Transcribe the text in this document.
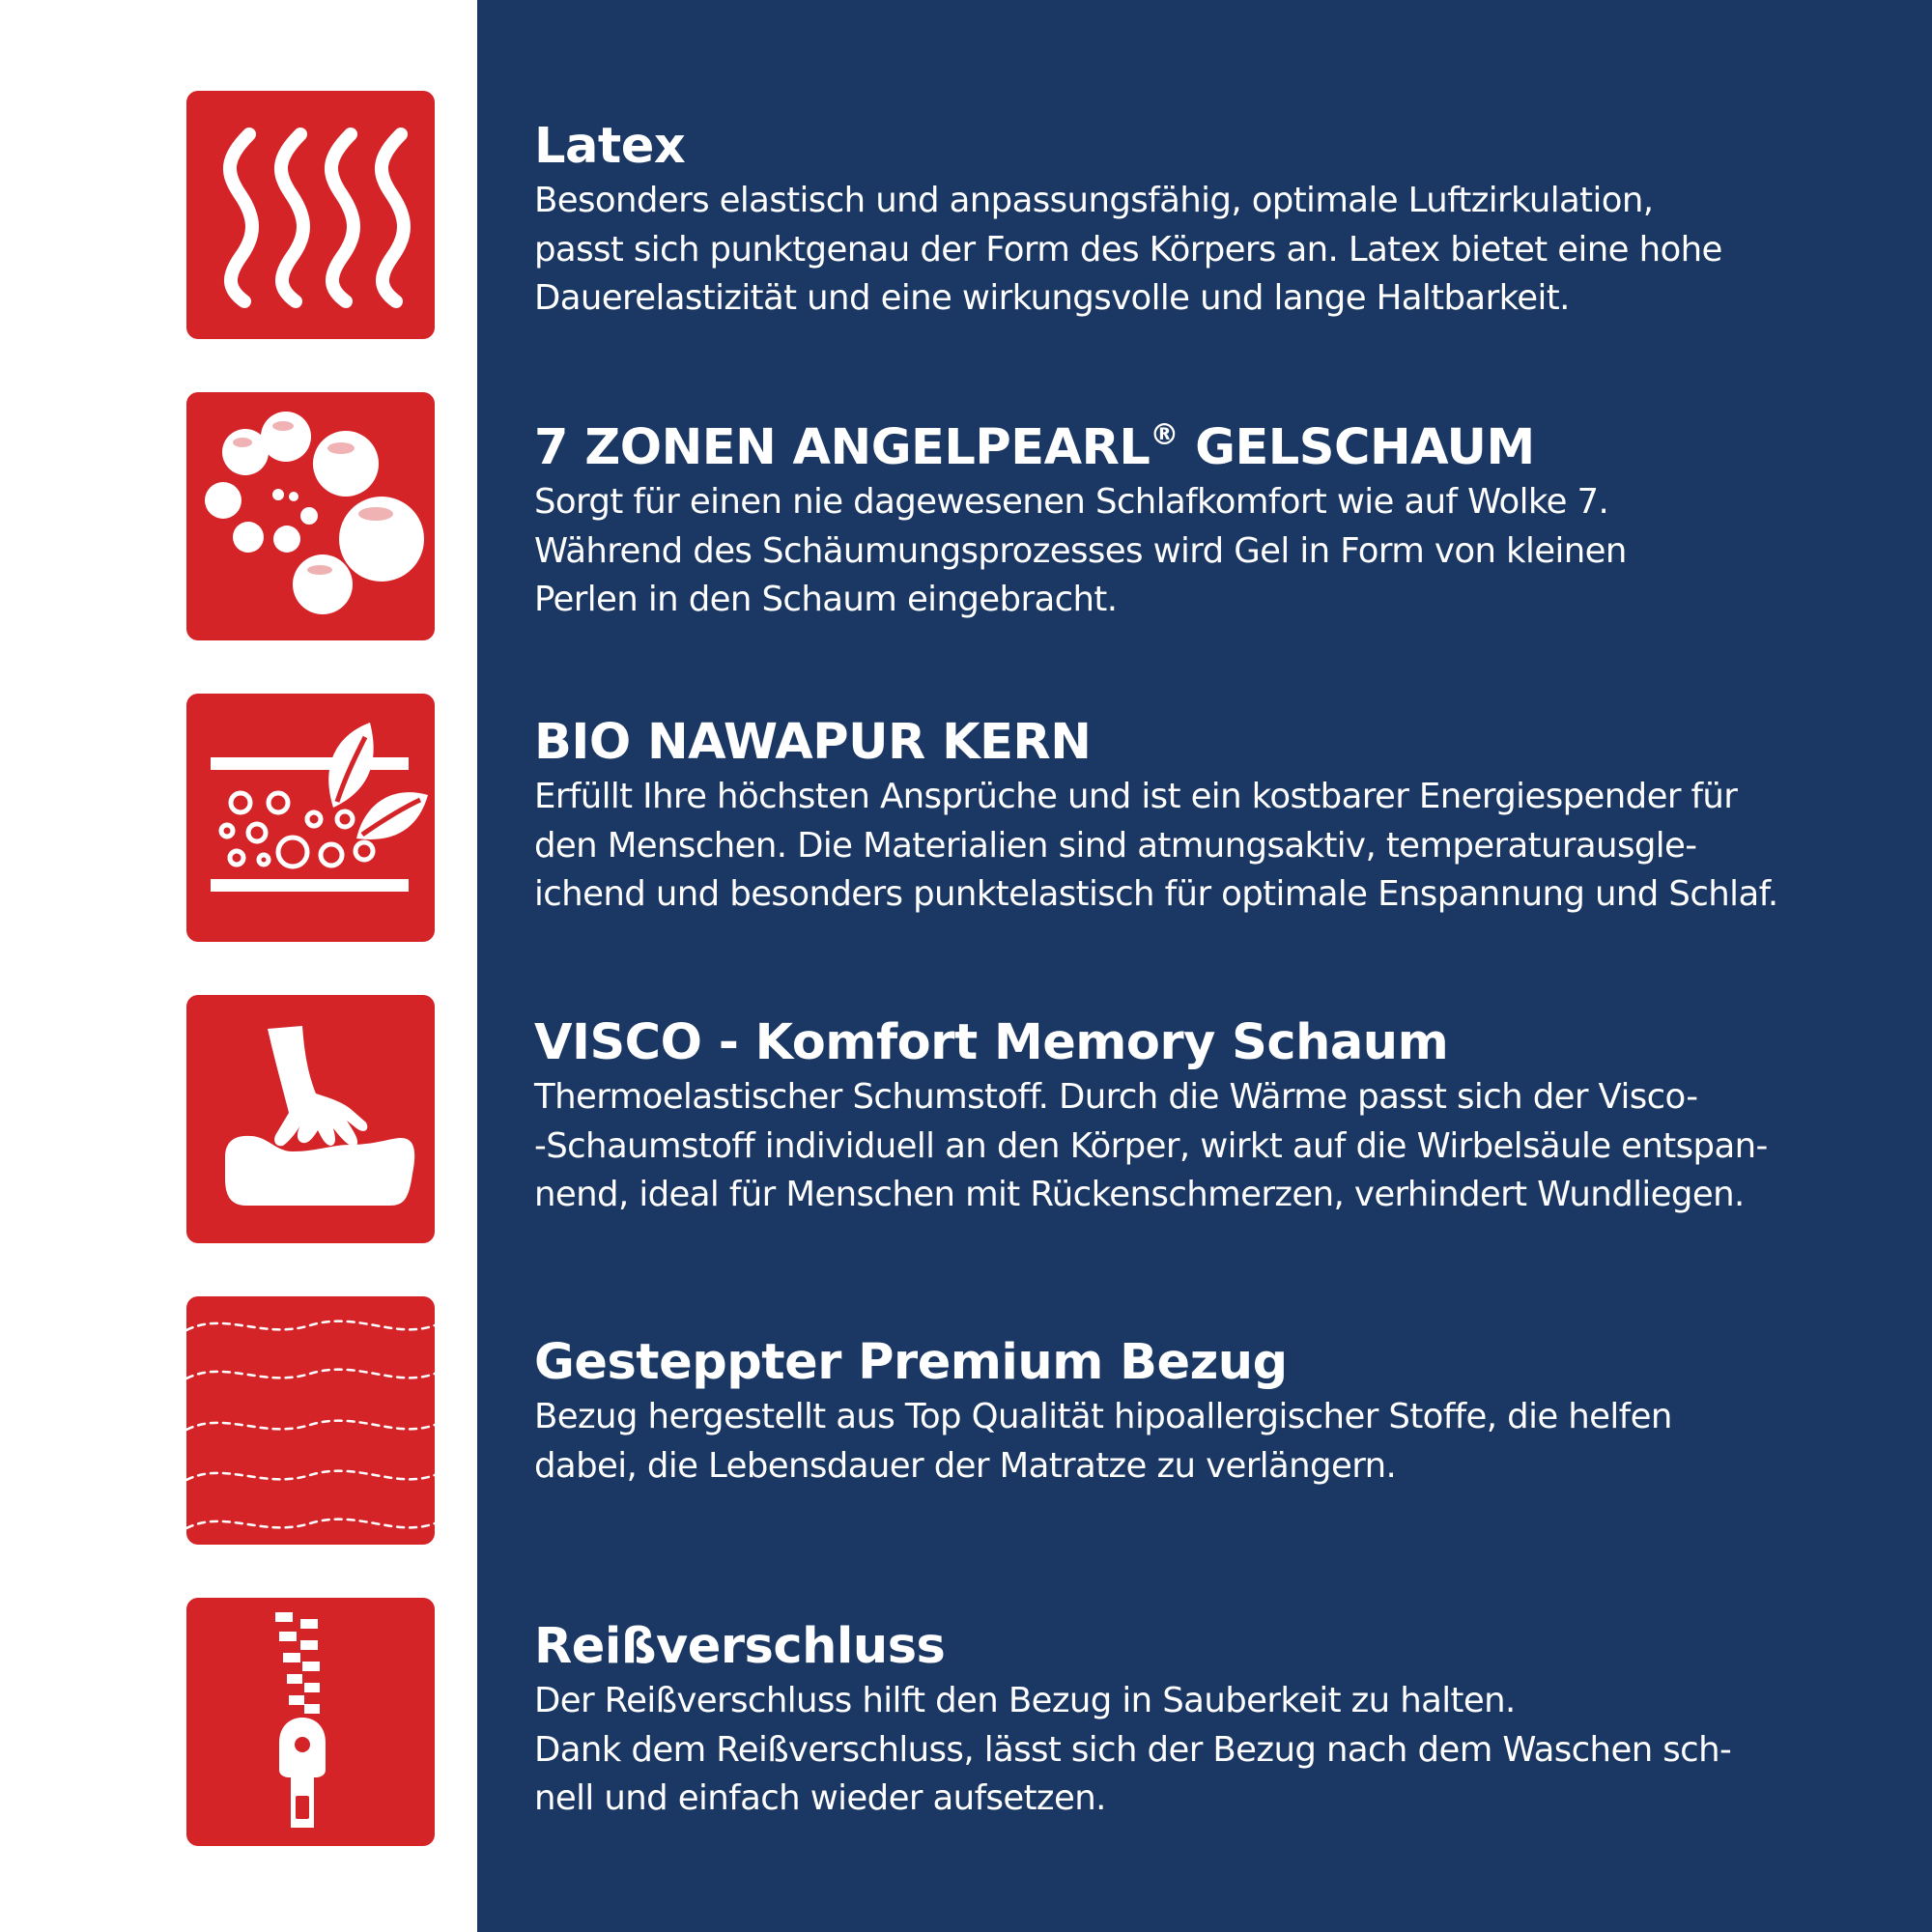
Latex
Besonders elastisch und anpassungsfähig, optimale Luftzirkulation,
passt sich punktgenau der Form des Körpers an. Latex bietet eine hohe
Dauerelastizität und eine wirkungsvolle und lange Haltbarkeit.
7 ZONEN ANGELPEARL® GELSCHAUM
Sorgt für einen nie dagewesenen Schlafkomfort wie auf Wolke 7.
Während des Schäumungsprozesses wird Gel in Form von kleinen
Perlen in den Schaum eingebracht.
BIO NAWAPUR KERN
Erfüllt Ihre höchsten Ansprüche und ist ein kostbarer Energiespender für
den Menschen. Die Materialien sind atmungsaktiv, temperaturausgle-
ichend und besonders punktelastisch für optimale Enspannung und Schlaf.
VISCO - Komfort Memory Schaum
Thermoelastischer Schumstoff. Durch die Wärme passt sich der Visco-
-Schaumstoff individuell an den Körper, wirkt auf die Wirbelsäule entspan-
nend, ideal für Menschen mit Rückenschmerzen, verhindert Wundliegen.
Gesteppter Premium Bezug
Bezug hergestellt aus Top Qualität hipoallergischer Stoffe, die helfen
dabei, die Lebensdauer der Matratze zu verlängern.
Reißverschluss
Der Reißverschluss hilft den Bezug in Sauberkeit zu halten.
Dank dem Reißverschluss, lässt sich der Bezug nach dem Waschen sch-
nell und einfach wieder aufsetzen.
